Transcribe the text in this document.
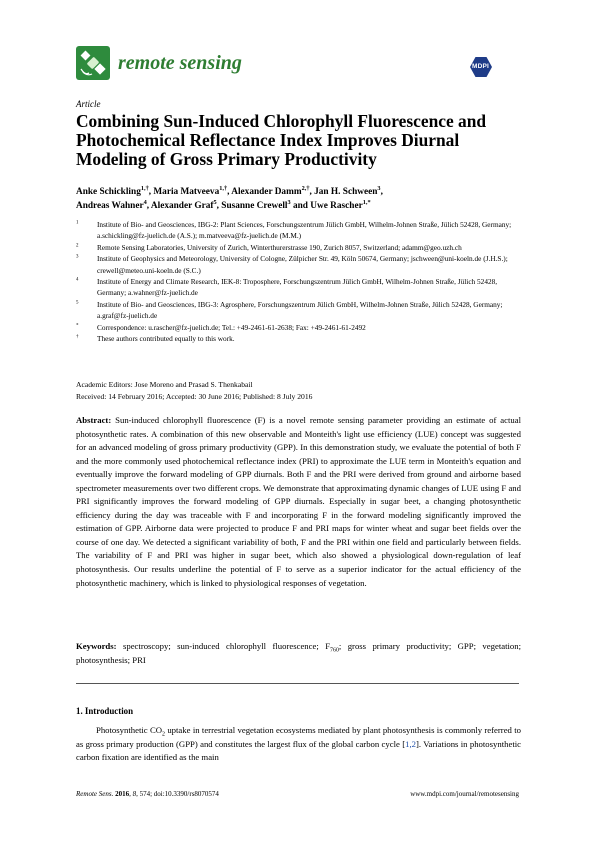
remote sensing	MDPI
Article
Combining Sun-Induced Chlorophyll Fluorescence and Photochemical Reflectance Index Improves Diurnal Modeling of Gross Primary Productivity
Anke Schickling$^{1,\dagger}$, Maria Matveeva$^{1,\dagger}$, Alexander Damm$^{2,\dagger}$, Jan H. Schween$^3$,
Andreas Wahner$^4$, Alexander Graf$^5$, Susanne Crewell$^3$ and Uwe Rascher$^{1,*}$
$^1$	Institute of Bio- and Geosciences, IBG-2: Plant Sciences, Forschungszentrum Jülich GmbH, Wilhelm-Johnen Straße, Jülich 52428, Germany; a.schickling@fz-juelich.de (A.S.); m.matveeva@fz-juelich.de (M.M.)
$^2$	Remote Sensing Laboratories, University of Zurich, Winterthurerstrasse 190, Zurich 8057, Switzerland; adamm@geo.uzh.ch
$^3$	Institute of Geophysics and Meteorology, University of Cologne, Zülpicher Str. 49, Köln 50674, Germany; jschween@uni-koeln.de (J.H.S.); crewell@meteo.uni-koeln.de (S.C.)
$^4$	Institute of Energy and Climate Research, IEK-8: Troposphere, Forschungszentrum Jülich GmbH, Wilhelm-Johnen Straße, Jülich 52428, Germany; a.wahner@fz-juelich.de
$^5$	Institute of Bio- and Geosciences, IBG-3: Agrosphere, Forschungszentrum Jülich GmbH, Wilhelm-Johnen Straße, Jülich 52428, Germany; a.graf@fz-juelich.de
*	Correspondence: u.rascher@fz-juelich.de; Tel.: +49-2461-61-2638; Fax: +49-2461-61-2492
†	These authors contributed equally to this work.
Academic Editors: Jose Moreno and Prasad S. Thenkabail
Received: 14 February 2016; Accepted: 30 June 2016; Published: 8 July 2016
Abstract: Sun-induced chlorophyll fluorescence (F) is a novel remote sensing parameter providing an estimate of actual photosynthetic rates. A combination of this new observable and Monteith's light use efficiency (LUE) concept was suggested for an advanced modeling of gross primary productivity (GPP). In this demonstration study, we evaluate the potential of both F and the more commonly used photochemical reflectance index (PRI) to approximate the LUE term in Monteith's equation and eventually improve the forward modeling of GPP diurnals. Both F and the PRI were derived from ground and airborne based spectrometer measurements over two different crops. We demonstrate that approximating dynamic changes of LUE using F and PRI significantly improves the forward modeling of GPP diurnals. Especially in sugar beet, a changing photosynthetic efficiency during the day was traceable with F and incorporating F in the forward modeling significantly improved the estimation of GPP. Airborne data were projected to produce F and PRI maps for winter wheat and sugar beet fields over the course of one day. We detected a significant variability of both, F and the PRI within one field and particularly between fields. The variability of F and PRI was higher in sugar beet, which also showed a physiological down-regulation of leaf photosynthesis. Our results underline the potential of F to serve as a superior indicator for the actual efficiency of the photosynthetic machinery, which is linked to physiological responses of vegetation.
Keywords: spectroscopy; sun-induced chlorophyll fluorescence; $F_{760}$; gross primary productivity; GPP; vegetation; photosynthesis; PRI
1. Introduction

Photosynthetic $CO_2$ uptake in terrestrial vegetation ecosystems mediated by plant photosynthesis is commonly referred to as gross primary production (GPP) and constitutes the largest flux of the global carbon cycle [1,2]. Variations in photosynthetic carbon fixation are identified as the main

Remote Sens. 2016, 8, 574; doi:10.3390/rs8070574	www.mdpi.com/journal/remotesensing
